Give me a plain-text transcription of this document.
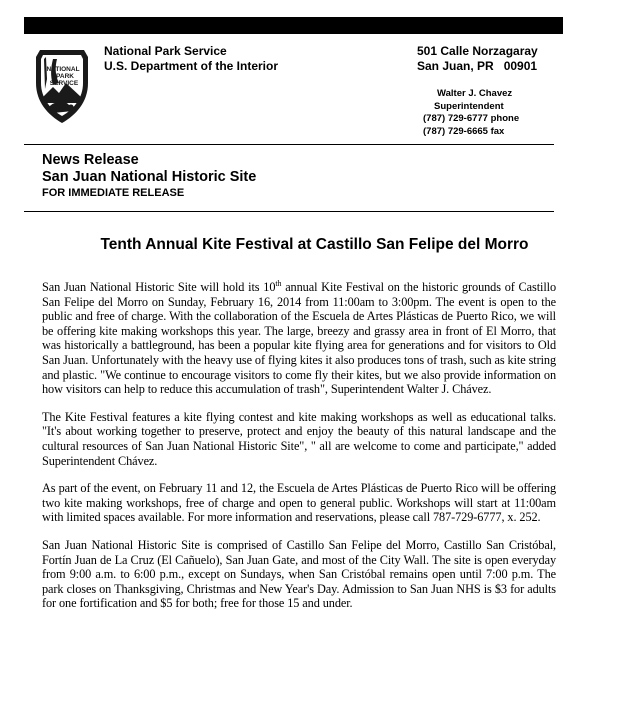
NATIONAL
PARK
SERVICE
National Park Service
U.S. Department of the Interior
501 Calle Norzagaray
San Juan, PR   00901
Walter J. Chavez
Superintendent
(787) 729-6777 phone
(787) 729-6665 fax
News Release
San Juan National Historic Site
FOR IMMEDIATE RELEASE
Tenth Annual Kite Festival at Castillo San Felipe del Morro

San Juan National Historic Site will hold its 10th annual Kite Festival on the historic grounds of Castillo San Felipe del Morro on Sunday, February 16, 2014 from 11:00am to 3:00pm. The event is open to the public and free of charge. With the collaboration of the Escuela de Artes Plásticas de Puerto Rico, we will be offering kite making workshops this year. The large, breezy and grassy area in front of El Morro, that was historically a battleground, has been a popular kite flying area for generations and for visitors to Old San Juan. Unfortunately with the heavy use of flying kites it also produces tons of trash, such as kite string and plastic. "We continue to encourage visitors to come fly their kites, but we also provide information on how visitors can help to reduce this accumulation of trash", Superintendent Walter J. Chávez.

The Kite Festival features a kite flying contest and kite making workshops as well as educational talks. "It's about working together to preserve, protect and enjoy the beauty of this natural landscape and the cultural resources of San Juan National Historic Site", " all are welcome to come and participate," added Superintendent Chávez.

As part of the event, on February 11 and 12, the Escuela de Artes Plásticas de Puerto Rico will be offering two kite making workshops, free of charge and open to general public. Workshops will start at 11:00am with limited spaces available. For more information and reservations, please call 787-729-6777, x. 252.

San Juan National Historic Site is comprised of Castillo San Felipe del Morro, Castillo San Cristóbal, Fortín Juan de La Cruz (El Cañuelo), San Juan Gate, and most of the City Wall. The site is open everyday from 9:00 a.m. to 6:00 p.m., except on Sundays, when San Cristóbal remains open until 7:00 p.m. The park closes on Thanksgiving, Christmas and New Year's Day. Admission to San Juan NHS is $3 for adults for one fortification and $5 for both; free for those 15 and under.
